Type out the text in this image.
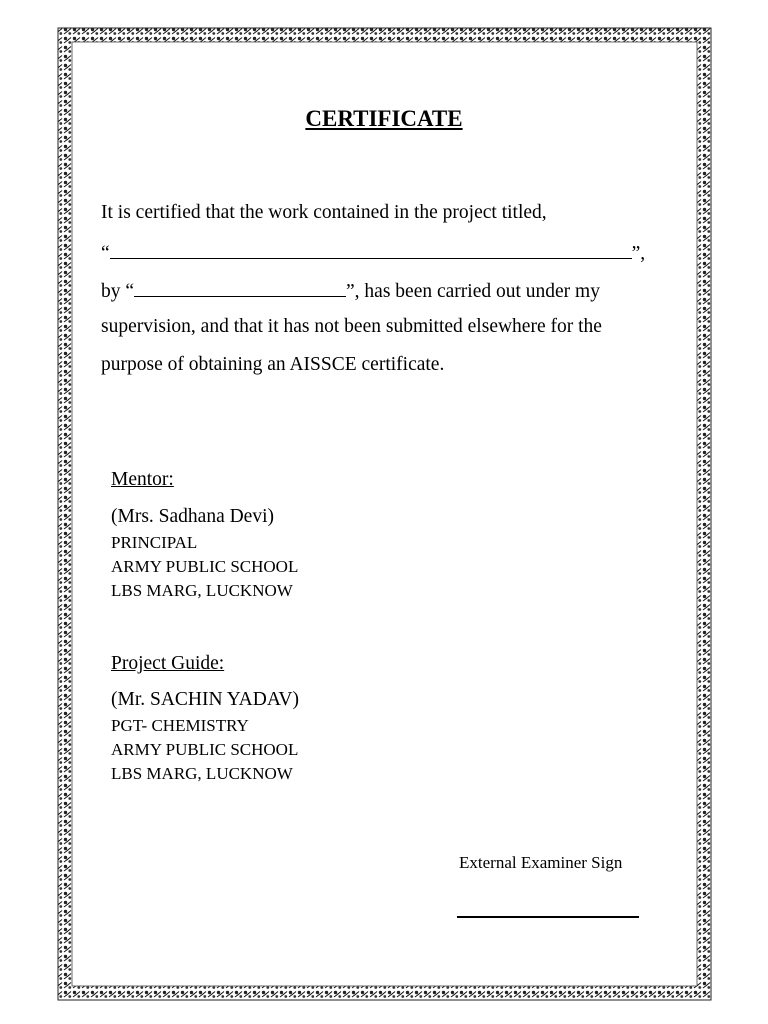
CERTIFICATE
It is certified that the work contained in the project titled,
“	”,
by “	”, has been carried out under my
supervision, and that it has not been submitted elsewhere for the
purpose of obtaining an AISSCE certificate.
Mentor:
(Mrs. Sadhana Devi)
PRINCIPAL
ARMY PUBLIC SCHOOL
LBS MARG, LUCKNOW
Project Guide:
(Mr. SACHIN YADAV)
PGT- CHEMISTRY
ARMY PUBLIC SCHOOL
LBS MARG, LUCKNOW
External Examiner Sign
